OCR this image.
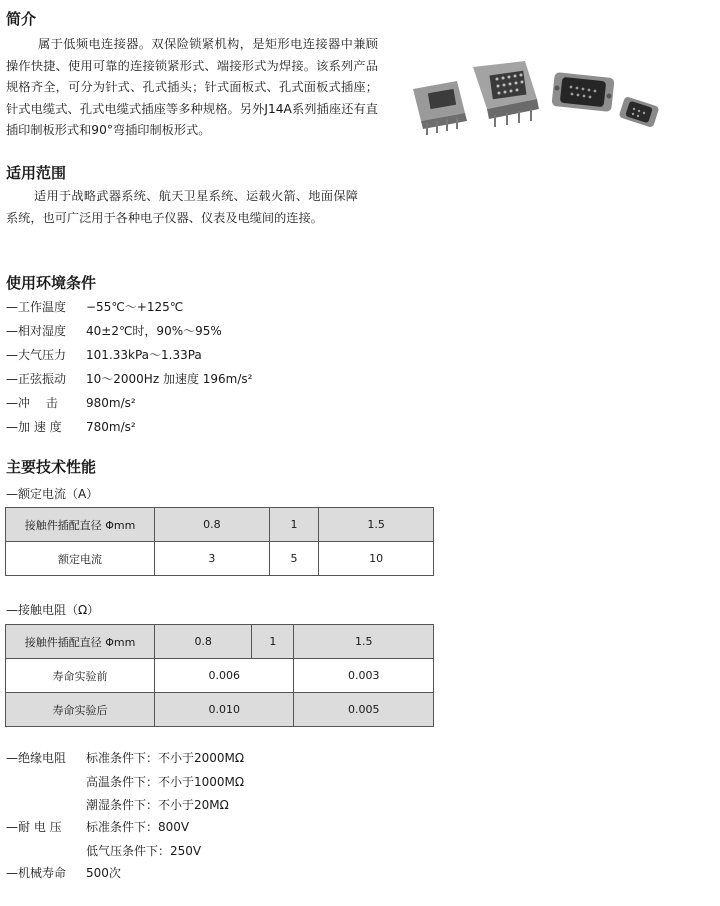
简介

属于低频电连接器。双保险锁紧机构，是矩形电连接器中兼顾操作快捷、使用可靠的连接锁紧形式、端接形式为焊接。该系列产品规格齐全，可分为针式、孔式插头；针式面板式、孔式面板式插座；针式电缆式、孔式电缆式插座等多种规格。另外J14A系列插座还有直插印制板形式和90°弯插印制板形式。

适用范围

适用于战略武器系统、航天卫星系统、运载火箭、地面保障系统，也可广泛用于各种电子仪器、仪表及电缆间的连接。

使用环境条件
—工作温度 −55℃～+125℃
—相对湿度 40±2℃时，90%～95%
—大气压力 101.33kPa～1.33Pa
—正弦振动 10～2000Hz 加速度 196m/s²
—冲　 击 980m/s²
—加 速 度 780m/s²
主要技术性能
—额定电流（A）
接触件插配直径 Φmm	0.8	1	1.5
额定电流	3	5	10
—接触电阻（Ω）
接触件插配直径 Φmm	0.8	1	1.5
寿命实验前	0.006		0.003
寿命实验后	0.010		0.005
—绝缘电阻 标准条件下：不小于2000MΩ
高温条件下：不小于1000MΩ
潮湿条件下：不小于20MΩ
—耐 电 压 标准条件下：800V
低气压条件下：250V
—机械寿命 500次
